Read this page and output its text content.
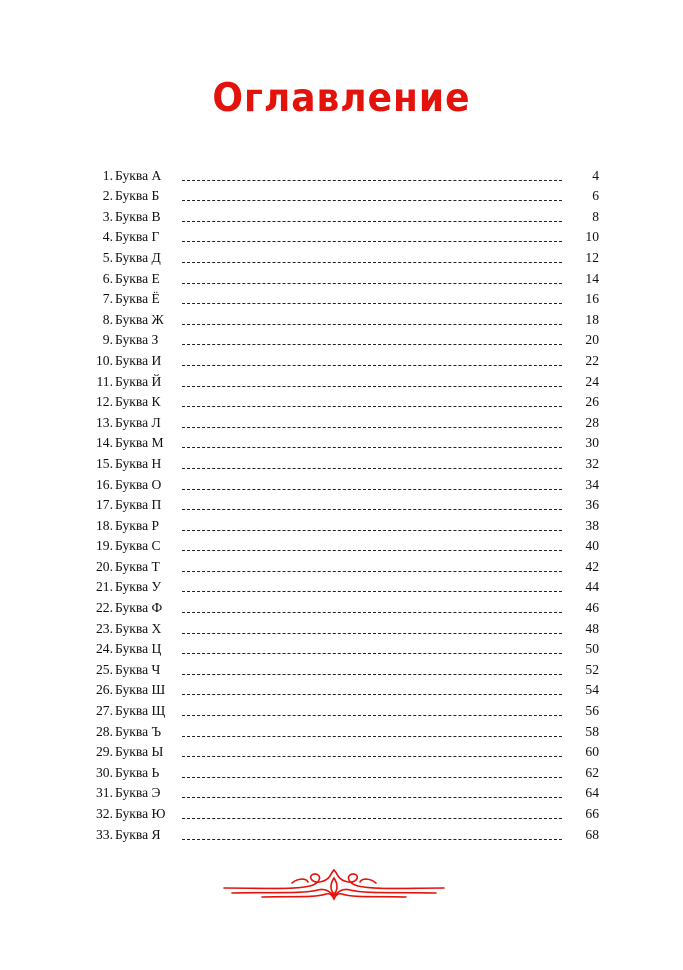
Оглавление
1. Буква А	4
2. Буква Б	6
3. Буква В	8
4. Буква Г	10
5. Буква Д	12
6. Буква Е	14
7. Буква Ё	16
8. Буква Ж	18
9. Буква З	20
10. Буква И	22
11. Буква Й	24
12. Буква К	26
13. Буква Л	28
14. Буква М	30
15. Буква Н	32
16. Буква О	34
17. Буква П	36
18. Буква Р	38
19. Буква С	40
20. Буква Т	42
21. Буква У	44
22. Буква Ф	46
23. Буква Х	48
24. Буква Ц	50
25. Буква Ч	52
26. Буква Ш	54
27. Буква Щ	56
28. Буква Ъ	58
29. Буква Ы	60
30. Буква Ь	62
31. Буква Э	64
32. Буква Ю	66
33. Буква Я	68
